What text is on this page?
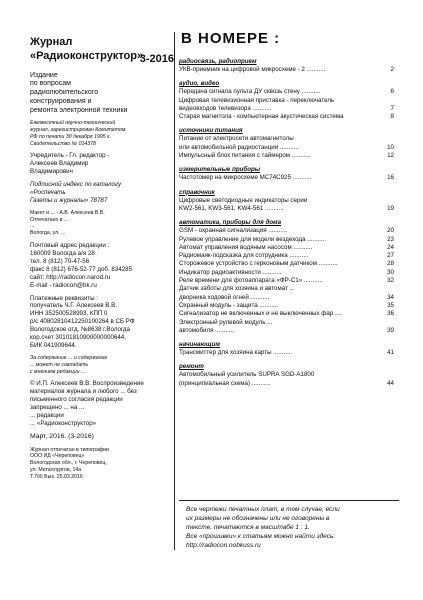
Журнал
«Радиоконструктор»
3-2016
Издание
по вопросам
радиолюбительского
конструирования и
ремонта электронной техники
Ежемесячный научно-технический
журнал, зарегистрирован Комитетом
РФ по печати 30 декабря 1995 г.
Свидетельство № 014378
Учредитель - Гл. редактор -
Алексеев Владимир
Владимирович
Подписной индекс по каталогу
«Роспечать
Газеты и журналы» 78787
Макет и ... - А.В. Алексеев В.В.
Отпечатано в ...
...
Вологда, ул. ...
Почтовый адрес редакции :
160009 Вологда а/я 28
тел. 8 (812) 70-47-56
факс 8 (812) 676-52-77 доб. 834285
сайт: http://radiocon.narod.ru
E-mail - radiocon@bk.ru
Платежные реквизиты :
получатель Ч.Г. Алексеев В.В.
ИНН 352500528993, КПП 0
р/с 40802810412250100264 в СБ РФ
Вологодское отд. №8638 г.Вологда
кор.счет 30101810900000000644,
БИК 041909644.
За содержание ... и содержание
... может не совпадать
с мнением редакции ...
© И.П. Алексеев В.В. Воспроизведение
материалов журнала и любого ... без
письменного согласия редакции
запрещено ... на ...
... редакции
... «Радиоконструктор»
Март, 2016. (3-2016)
Журнал отпечатан в типографии
ООО ИД «Череповец»
Вологодская обл., г. Череповец,
ул. Металлургов, 14а
Т.700 Вых. 25.03.2016
В НОМЕРЕ :
радиосвязь, радиоприем
УКВ-приемник на цифровой микросхеме - 2 ...........	2
аудио, видео
Передача сигнала пульта ДУ сквозь стену ...........	6
Цифровая телевизионная приставка - переключатель
видеовходов телевизора ...........	7
Старая магнитола - компьютерная акустическая система	8
источники питания
Питание от электросети автомагнитолы
или автомобильной радиостанции ...........	10
Импульсный блок питания с таймером ...........	12
измерительные приборы
Частотомер на микросхеме MC74C925 ...........	16
справочник
Цифровые светодиодные индикаторы серии
KW2-561, KW3-561, KW4-561 ...........	19
автоматика, приборы для дома
GSM - охранная сигнализация ...........	20
Рулевое управление для модели вездехода ...........	23
Автомат управления водяным насосом ...........	24
Радиомаяк-подсказка для сотрудника ...........	27
Сторожевое устройство с герконовым датчиком ...........	28
Индикатор радиоактивности ...........	30
Реле времени для фотоаппарата «ФР-С1» ...........	32
Датчик заботы для хозяина и автомат ...
дворника ходовой огней ...........	34
Охранный модуль - защита ...........	35
Сигнализатор не включенных и не выключенных фар ....	36
Электронный рулевой модуль ...
автомобиля ...........	39
начинающим
Трансмиттер для хозяина карты ...........	41
ремонт
Автомобильный усилитель SUPRA SGD-A1800
(принципиальная схема) ...........	44
Все чертежи печатных плат, в том случае, если
их размеры не обозначены или не оговорены в
тексте, печатаются в масштабе 1 : 1.
Все «прошивки» к статьям можно найти здесь:
http://radiocon.nobkuss.ru
